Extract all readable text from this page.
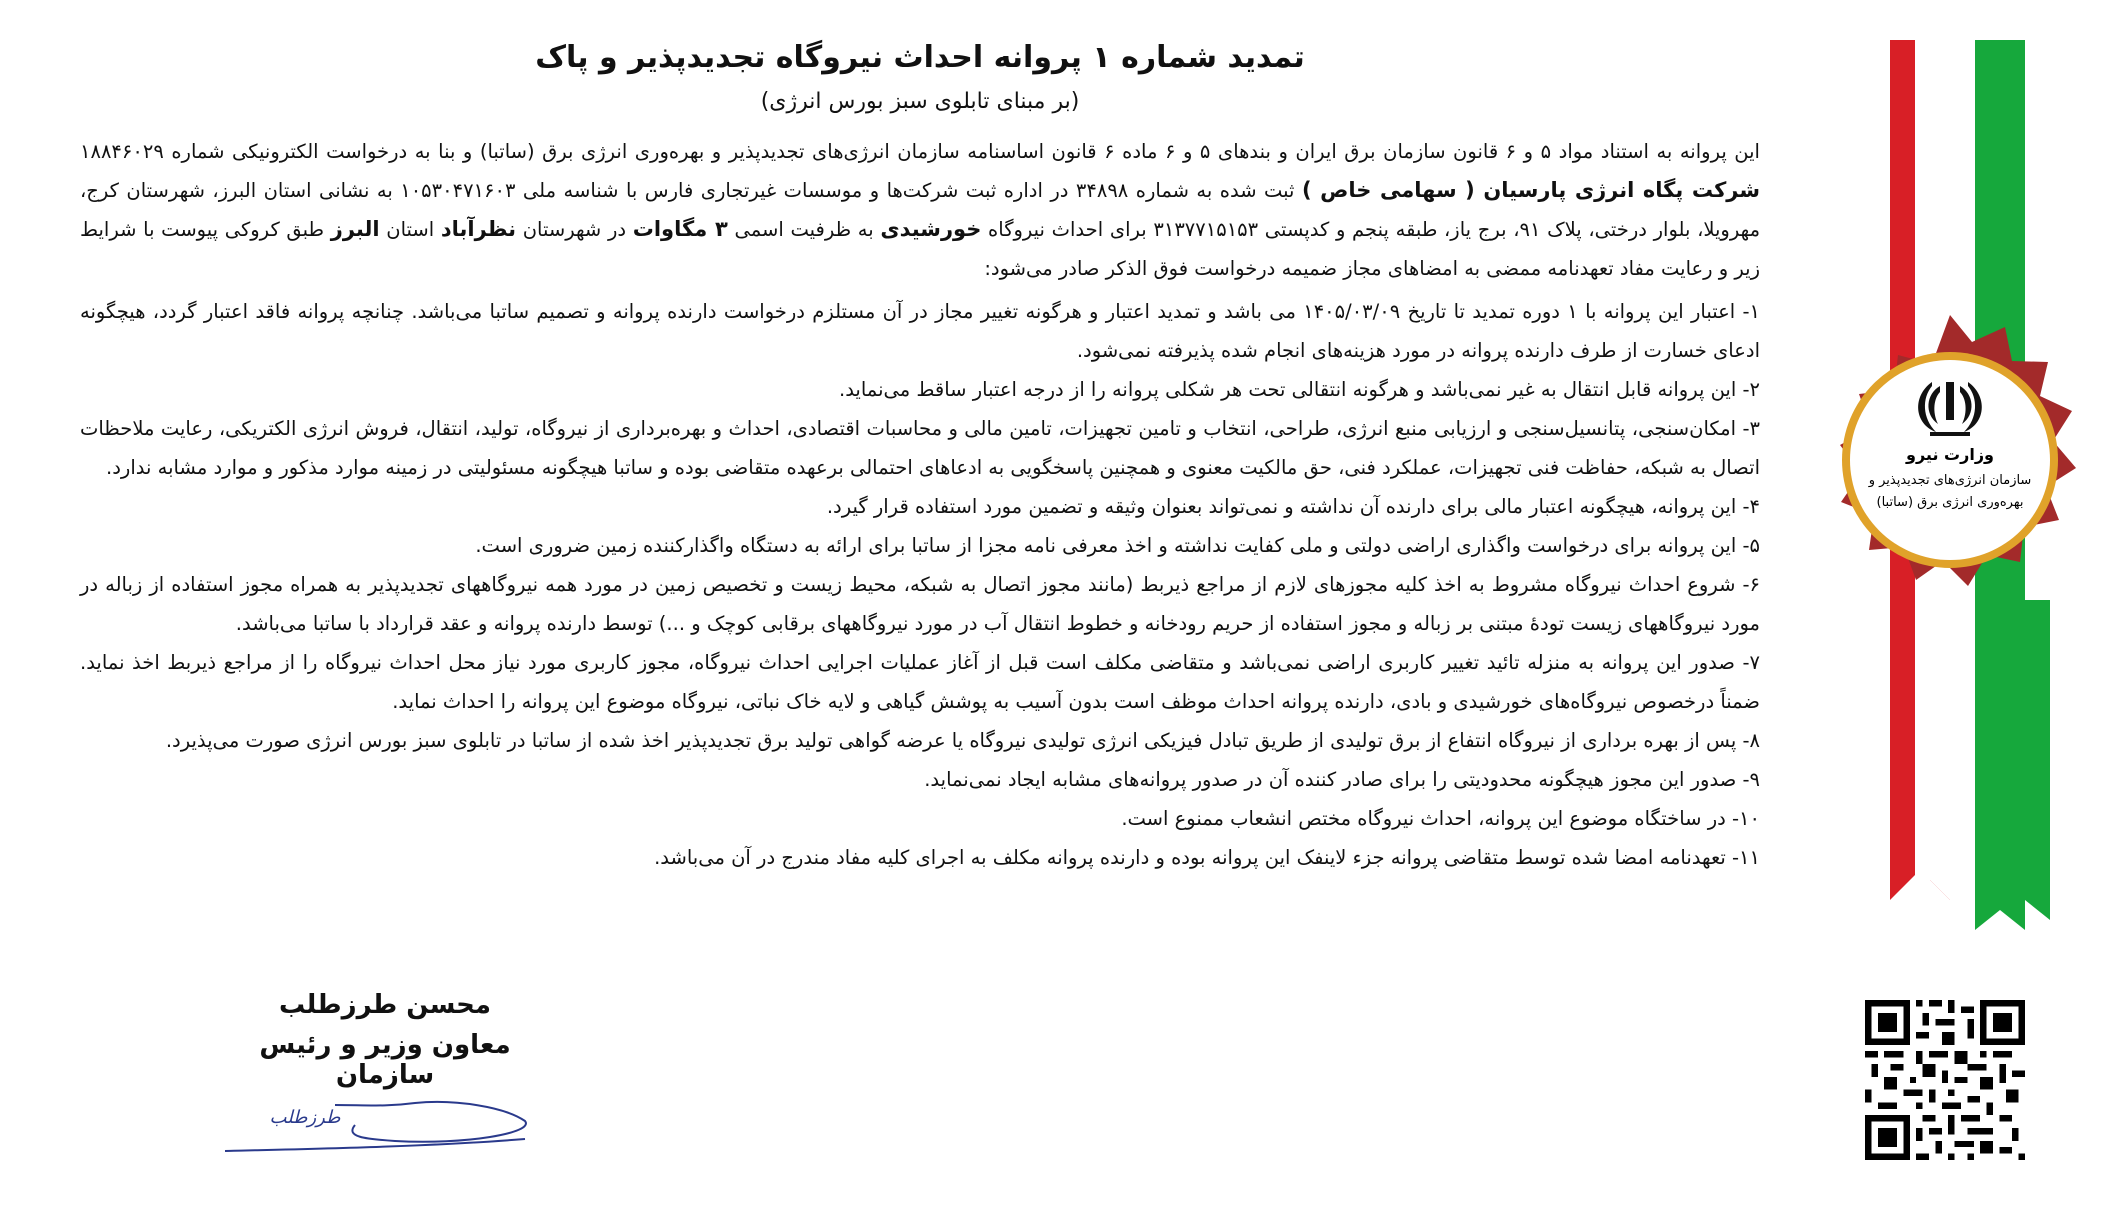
تمدید شماره ۱ پروانه احداث نیروگاه تجدیدپذیر و پاک
(بر مبنای تابلوی سبز بورس انرژی)

این پروانه به استناد مواد ۵ و ۶ قانون سازمان برق ایران و بندهای ۵ و ۶ ماده ۶ قانون اساسنامه سازمان انرژی‌های تجدیدپذیر و بهره‌وری انرژی برق (ساتبا) و بنا به درخواست الکترونیکی شماره ۱۸۸۴۶۰۲۹ شرکت پگاه انرژی پارسیان ( سهامی خاص ) ثبت شده به شماره ۳۴۸۹۸ در اداره ثبت شرکت‌ها و موسسات غیرتجاری فارس با شناسه ملی ۱۰۵۳۰۴۷۱۶۰۳ به نشانی استان البرز، شهرستان کرج، مهرویلا، بلوار درختی، پلاک ۹۱، برج یاز، طبقه پنجم و کدپستی ۳۱۳۷۷۱۵۱۵۳ برای احداث نیروگاه خورشیدی به ظرفیت اسمی ۳ مگاوات در شهرستان نظرآباد استان البرز طبق کروکی پیوست با شرایط زیر و رعایت مفاد تعهدنامه ممضی به امضاهای مجاز ضمیمه درخواست فوق الذکر صادر می‌شود:

۱- اعتبار این پروانه با ۱ دوره تمدید تا تاریخ ۱۴۰۵/۰۳/۰۹ می باشد و تمدید اعتبار و هرگونه تغییر مجاز در آن مستلزم درخواست دارنده پروانه و تصمیم ساتبا می‌باشد. چنانچه پروانه فاقد اعتبار گردد، هیچگونه ادعای خسارت از طرف دارنده پروانه در مورد هزینه‌های انجام شده پذیرفته نمی‌شود.

۲- این پروانه قابل انتقال به غیر نمی‌باشد و هرگونه انتقالی تحت هر شکلی پروانه را از درجه اعتبار ساقط می‌نماید.

۳- امکان‌سنجی، پتانسیل‌سنجی و ارزیابی منبع انرژی، طراحی، انتخاب و تامین تجهیزات، تامین مالی و محاسبات اقتصادی، احداث و بهره‌برداری از نیروگاه، تولید، انتقال، فروش انرژی الکتریکی، رعایت ملاحظات اتصال به شبکه، حفاظت فنی تجهیزات، عملکرد فنی، حق مالکیت معنوی و همچنین پاسخگویی به ادعاهای احتمالی برعهده متقاضی بوده و ساتبا هیچگونه مسئولیتی در زمینه موارد مذکور و موارد مشابه ندارد.

۴- این پروانه، هیچگونه اعتبار مالی برای دارنده آن نداشته و نمی‌تواند بعنوان وثیقه و تضمین مورد استفاده قرار گیرد.

۵- این پروانه برای درخواست واگذاری اراضی دولتی و ملی کفایت نداشته و اخذ معرفی نامه مجزا از ساتبا برای ارائه به دستگاه واگذارکننده زمین ضروری است.

۶- شروع احداث نیروگاه مشروط به اخذ کلیه مجوزهای لازم از مراجع ذیربط (مانند مجوز اتصال به شبکه، محیط زیست و تخصیص زمین در مورد همه نیروگاههای تجدیدپذیر به همراه مجوز استفاده از زباله در مورد نیروگاههای زیست تودهٔ مبتنی بر زباله و مجوز استفاده از حریم رودخانه و خطوط انتقال آب در مورد نیروگاههای برقابی کوچک و ...) توسط دارنده پروانه و عقد قرارداد با ساتبا می‌باشد.

۷- صدور این پروانه به منزله تائید تغییر کاربری اراضی نمی‌باشد و متقاضی مکلف است قبل از آغاز عملیات اجرایی احداث نیروگاه، مجوز کاربری مورد نیاز محل احداث نیروگاه را از مراجع ذیربط اخذ نماید. ضمناً درخصوص نیروگاه‌های خورشیدی و بادی، دارنده پروانه احداث موظف است بدون آسیب به پوشش گیاهی و لایه خاک نباتی، نیروگاه موضوع این پروانه را احداث نماید.

۸- پس از بهره برداری از نیروگاه انتفاع از برق تولیدی از طریق تبادل فیزیکی انرژی تولیدی نیروگاه یا عرضه گواهی تولید برق تجدیدپذیر اخذ شده از ساتبا در تابلوی سبز بورس انرژی صورت می‌پذیرد.

۹- صدور این مجوز هیچگونه محدودیتی را برای صادر کننده آن در صدور پروانه‌های مشابه ایجاد نمی‌نماید.

۱۰- در ساختگاه موضوع این پروانه، احداث نیروگاه مختص انشعاب ممنوع است.

۱۱- تعهدنامه امضا شده توسط متقاضی پروانه جزء لاینفک این پروانه بوده و دارنده پروانه مکلف به اجرای کلیه مفاد مندرج در آن می‌باشد.

وزارت نیرو
سازمان انرژی‌های تجدیدپذیر و
بهره‌وری انرژی برق (ساتبا)
محسن طرزطلب
معاون وزیر و رئیس سازمان
طرزطلب
